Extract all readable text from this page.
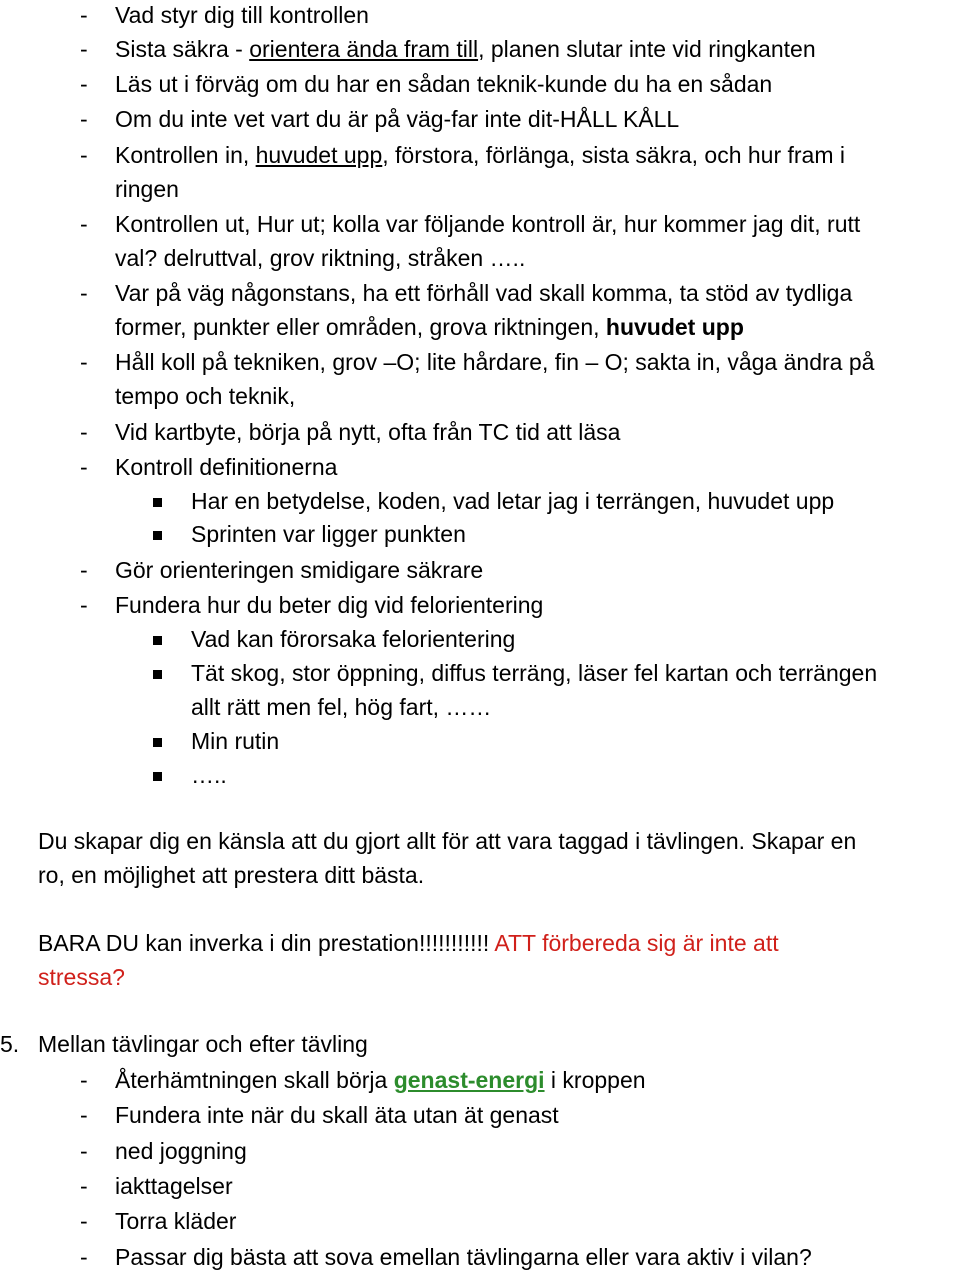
- Vad styr dig till kontrollen
- Sista säkra - orientera ända fram till, planen slutar inte vid ringkanten
- Läs ut i förväg om du har en sådan teknik-kunde du ha en sådan
- Om du inte vet vart du är på väg-far inte dit-HÅLL KÅLL
- Kontrollen in, huvudet upp, förstora, förlänga, sista säkra, och hur fram i
ringen
- Kontrollen ut, Hur ut; kolla var följande kontroll är, hur kommer jag dit, rutt
val? delruttval, grov riktning, stråken …..
- Var på väg någonstans, ha ett förhåll vad skall komma, ta stöd av tydliga
former, punkter eller områden, grova riktningen, huvudet upp
- Håll koll på tekniken, grov –O; lite hårdare, fin – O; sakta in, våga ändra på
tempo och teknik,
- Vid kartbyte, börja på nytt, ofta från TC tid att läsa
- Kontroll definitionerna
Har en betydelse, koden, vad letar jag i terrängen, huvudet upp
Sprinten var ligger punkten
- Gör orienteringen smidigare säkrare
- Fundera hur du beter dig vid felorientering
Vad kan förorsaka felorientering
Tät skog, stor öppning, diffus terräng, läser fel kartan och terrängen
allt rätt men fel, hög fart, ……
Min rutin
…..
Du skapar dig en känsla att du gjort allt för att vara taggad i tävlingen. Skapar en
ro, en möjlighet att prestera ditt bästa.
BARA DU kan inverka i din prestation!!!!!!!!!!! ATT förbereda sig är inte att
stressa?
5. Mellan tävlingar och efter tävling
- Återhämtningen skall börja genast-energi i kroppen
- Fundera inte när du skall äta utan ät genast
- ned joggning
- iakttagelser
- Torra kläder
- Passar dig bästa att sova emellan tävlingarna eller vara aktiv i vilan?
